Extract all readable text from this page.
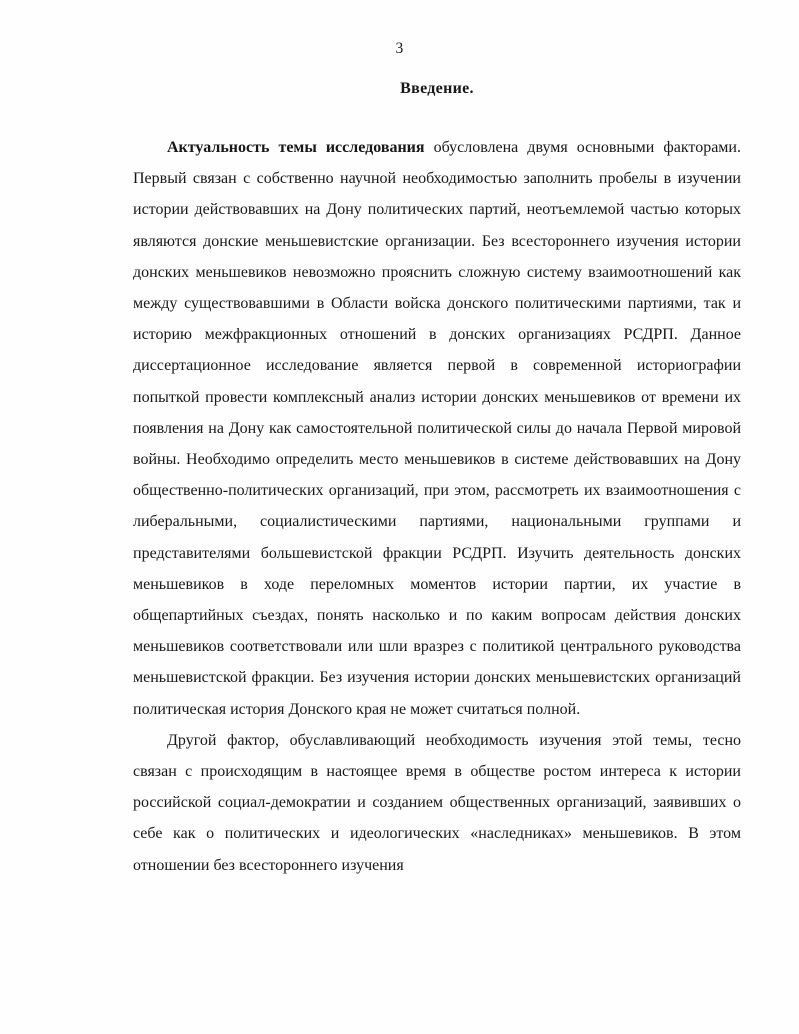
3
Введение.

Актуальность темы исследования обусловлена двумя основными факторами. Первый связан с собственно научной необходимостью заполнить пробелы в изучении истории действовавших на Дону политических партий, неотъемлемой частью которых являются донские меньшевистские организации. Без всестороннего изучения истории донских меньшевиков невозможно прояснить сложную систему взаимоотношений как между существовавшими в Области войска донского политическими партиями, так и историю межфракционных отношений в донских организациях РСДРП. Данное диссертационное исследование является первой в современной историографии попыткой провести комплексный анализ истории донских меньшевиков от времени их появления на Дону как самостоятельной политической силы до начала Первой мировой войны. Необходимо определить место меньшевиков в системе действовавших на Дону общественно-политических организаций, при этом, рассмотреть их взаимоотношения с либеральными, социалистическими партиями, национальными группами и представителями большевистской фракции РСДРП. Изучить деятельность донских меньшевиков в ходе переломных моментов истории партии, их участие в общепартийных съездах, понять насколько и по каким вопросам действия донских меньшевиков соответствовали или шли вразрез с политикой центрального руководства меньшевистской фракции. Без изучения истории донских меньшевистских организаций политическая история Донского края не может считаться полной.

Другой фактор, обуславливающий необходимость изучения этой темы, тесно связан с происходящим в настоящее время в обществе ростом интереса к истории российской социал-демократии и созданием общественных организаций, заявивших о себе как о политических и идеологических «наследниках» меньшевиков. В этом отношении без всестороннего изучения
